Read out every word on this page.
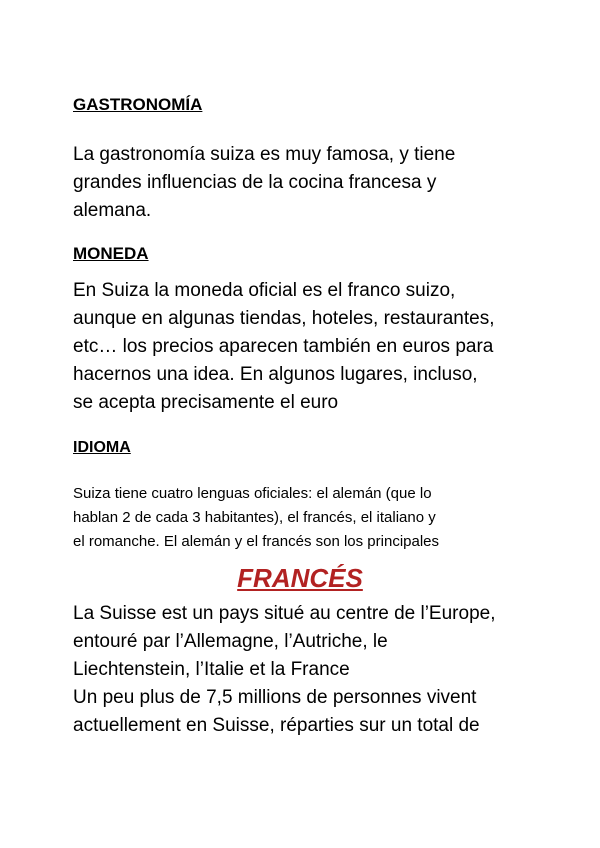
GASTRONOMÍA

La gastronomía suiza es muy famosa, y tiene
grandes influencias de la cocina francesa y
alemana.

MONEDA

En Suiza la moneda oficial es el franco suizo,
aunque en algunas tiendas, hoteles, restaurantes,
etc… los precios aparecen también en euros para
hacernos una idea. En algunos lugares, incluso,
se acepta precisamente el euro

IDIOMA

Suiza tiene cuatro lenguas oficiales: el alemán (que lo
hablan 2 de cada 3 habitantes), el francés, el italiano y
el romanche. El alemán y el francés son los principales

FRANCÉS

La Suisse est un pays situé au centre de l’Europe,
entouré par l’Allemagne, l’Autriche, le
Liechtenstein, l’Italie et la France
Un peu plus de 7,5 millions de personnes vivent
actuellement en Suisse, réparties sur un total de
